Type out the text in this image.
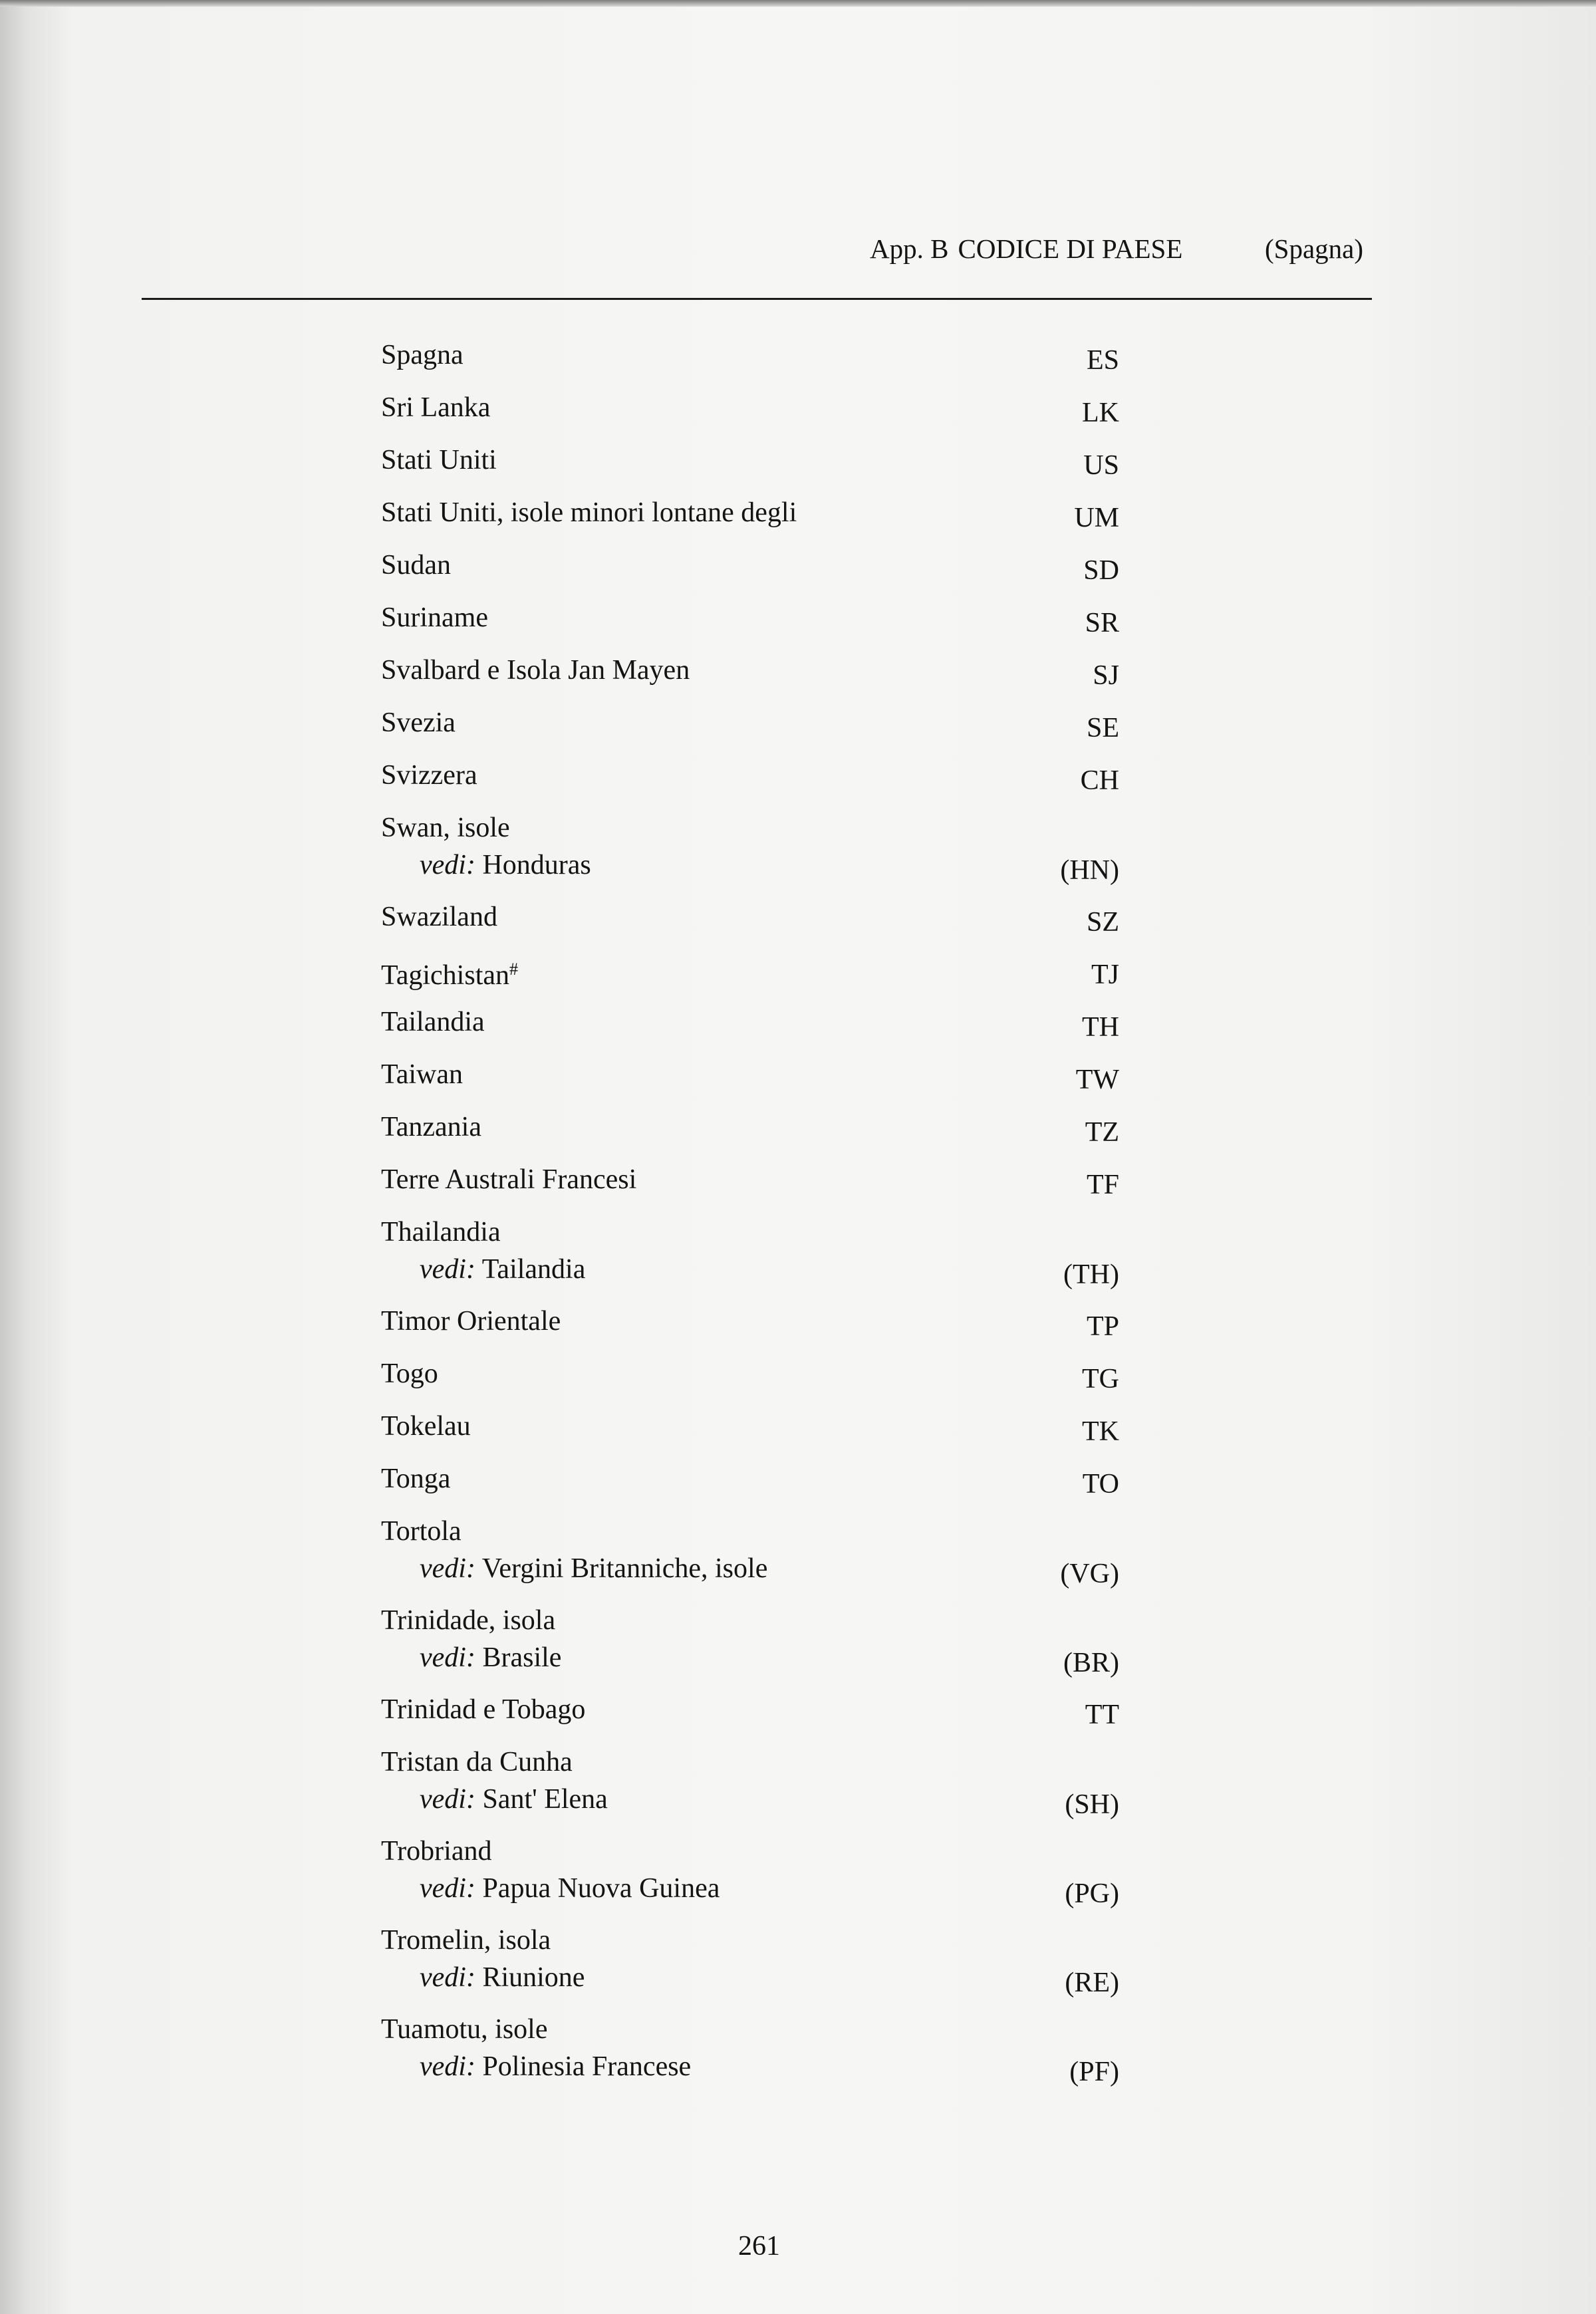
App. B CODICE DI PAESE	(Spagna)
Spagna	ES
Sri Lanka	LK
Stati Uniti	US
Stati Uniti, isole minori lontane degli	UM
Sudan	SD
Suriname	SR
Svalbard e Isola Jan Mayen	SJ
Svezia	SE
Svizzera	CH
Swan, isole
vedi: Honduras	(HN)
Swaziland	SZ
Tagichistan#	TJ
Tailandia	TH
Taiwan	TW
Tanzania	TZ
Terre Australi Francesi	TF
Thailandia
vedi: Tailandia	(TH)
Timor Orientale	TP
Togo	TG
Tokelau	TK
Tonga	TO
Tortola
vedi: Vergini Britanniche, isole	(VG)
Trinidade, isola
vedi: Brasile	(BR)
Trinidad e Tobago	TT
Tristan da Cunha
vedi: Sant' Elena	(SH)
Trobriand
vedi: Papua Nuova Guinea	(PG)
Tromelin, isola
vedi: Riunione	(RE)
Tuamotu, isole
vedi: Polinesia Francese	(PF)
261
